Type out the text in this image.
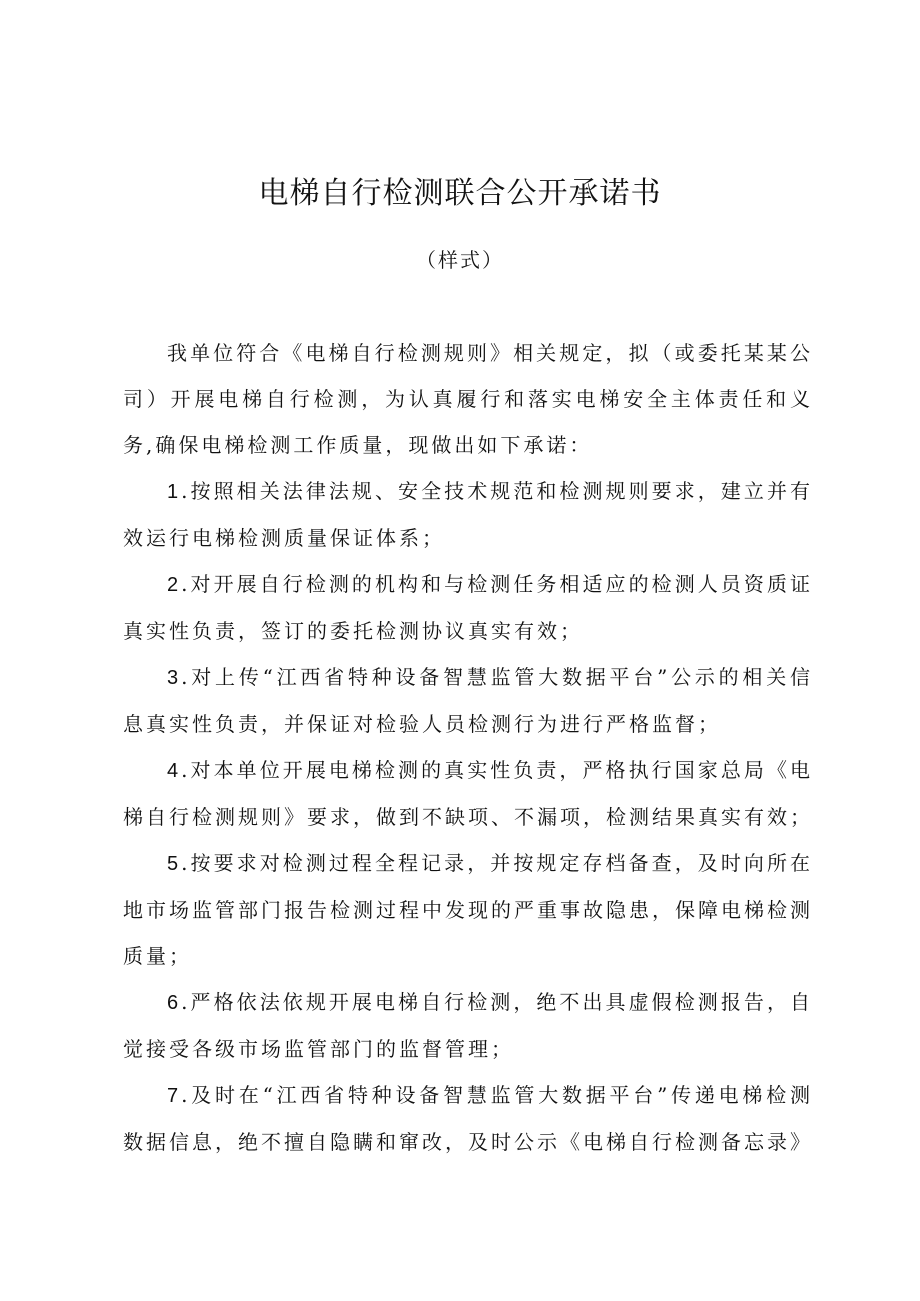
电梯自行检测联合公开承诺书
（样式）

我单位符合《电梯自行检测规则》相关规定，拟（或委托某某公司）开展电梯自行检测，为认真履行和落实电梯安全主体责任和义务,确保电梯检测工作质量，现做出如下承诺：

1.按照相关法律法规、安全技术规范和检测规则要求，建立并有效运行电梯检测质量保证体系；

2.对开展自行检测的机构和与检测任务相适应的检测人员资质证真实性负责，签订的委托检测协议真实有效；

3.对上传“江西省特种设备智慧监管大数据平台”公示的相关信息真实性负责，并保证对检验人员检测行为进行严格监督；

4.对本单位开展电梯检测的真实性负责，严格执行国家总局《电梯自行检测规则》要求，做到不缺项、不漏项，检测结果真实有效；

5.按要求对检测过程全程记录，并按规定存档备查，及时向所在地市场监管部门报告检测过程中发现的严重事故隐患，保障电梯检测质量；

6.严格依法依规开展电梯自行检测，绝不出具虚假检测报告，自觉接受各级市场监管部门的监督管理；

7.及时在“江西省特种设备智慧监管大数据平台”传递电梯检测数据信息，绝不擅自隐瞒和窜改，及时公示《电梯自行检测备忘录》
